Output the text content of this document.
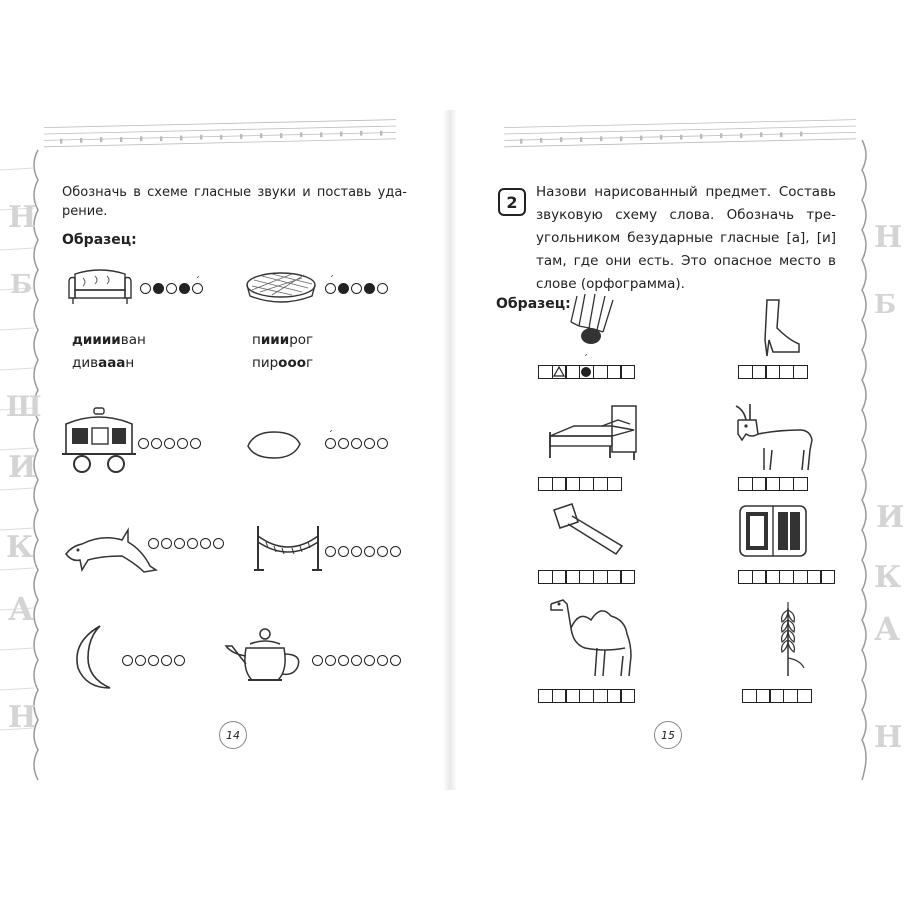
Н
Б
Ш
И
К
А
Н
Н
Б
И
К
А
Н
Обозначь в схеме гласные звуки и поставь уда-рение.
Образец:
´	´
дииииван
дивааан
пииирог
пирооог
´
14
2
Назови нарисованный предмет. Составь звуковую схему слова. Обозначь тре-угольником безударные гласные [а], [и] там, где они есть. Это опасное место в слове (орфограмма).
Образец:
´
15
